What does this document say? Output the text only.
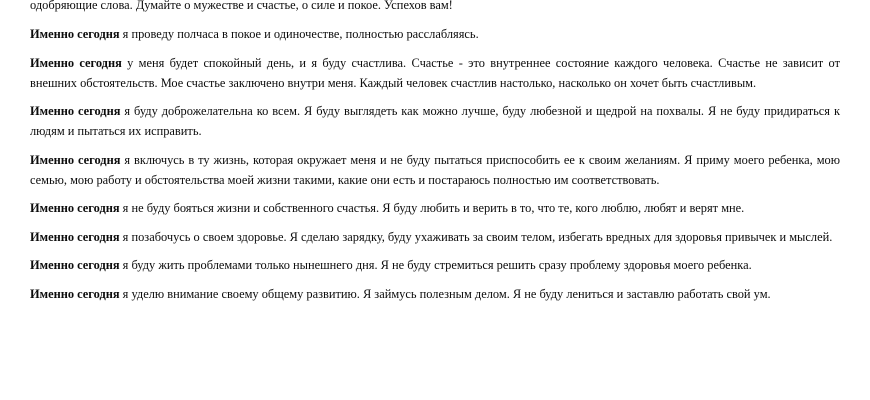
одобряющие слова. Думайте о мужестве и счастье, о силе и покое. Успехов вам!

Именно сегодня я проведу полчаса в покое и одиночестве, полностью расслабляясь.

Именно сегодня у меня будет спокойный день, и я буду счастлива. Счастье - это внутреннее состояние каждого человека. Счастье не зависит от внешних обстоятельств. Мое счастье заключено внутри меня. Каждый человек счастлив настолько, насколько он хочет быть счастливым.

Именно сегодня я буду доброжелательна ко всем. Я буду выглядеть как можно лучше, буду любезной и щедрой на похвалы. Я не буду придираться к людям и пытаться их исправить.

Именно сегодня я включусь в ту жизнь, которая окружает меня и не буду пытаться приспособить ее к своим желаниям. Я приму моего ребенка, мою семью, мою работу и обстоятельства моей жизни такими, какие они есть и постараюсь полностью им соответствовать.

Именно сегодня я не буду бояться жизни и собственного счастья. Я буду любить и верить в то, что те, кого люблю, любят и верят мне.

Именно сегодня я позабочусь о своем здоровье. Я сделаю зарядку, буду ухаживать за своим телом, избегать вредных для здоровья привычек и мыслей.

Именно сегодня я буду жить проблемами только нынешнего дня. Я не буду стремиться решить сразу проблему здоровья моего ребенка.

Именно сегодня я уделю внимание своему общему развитию. Я займусь полезным делом. Я не буду лениться и заставлю работать свой ум.
